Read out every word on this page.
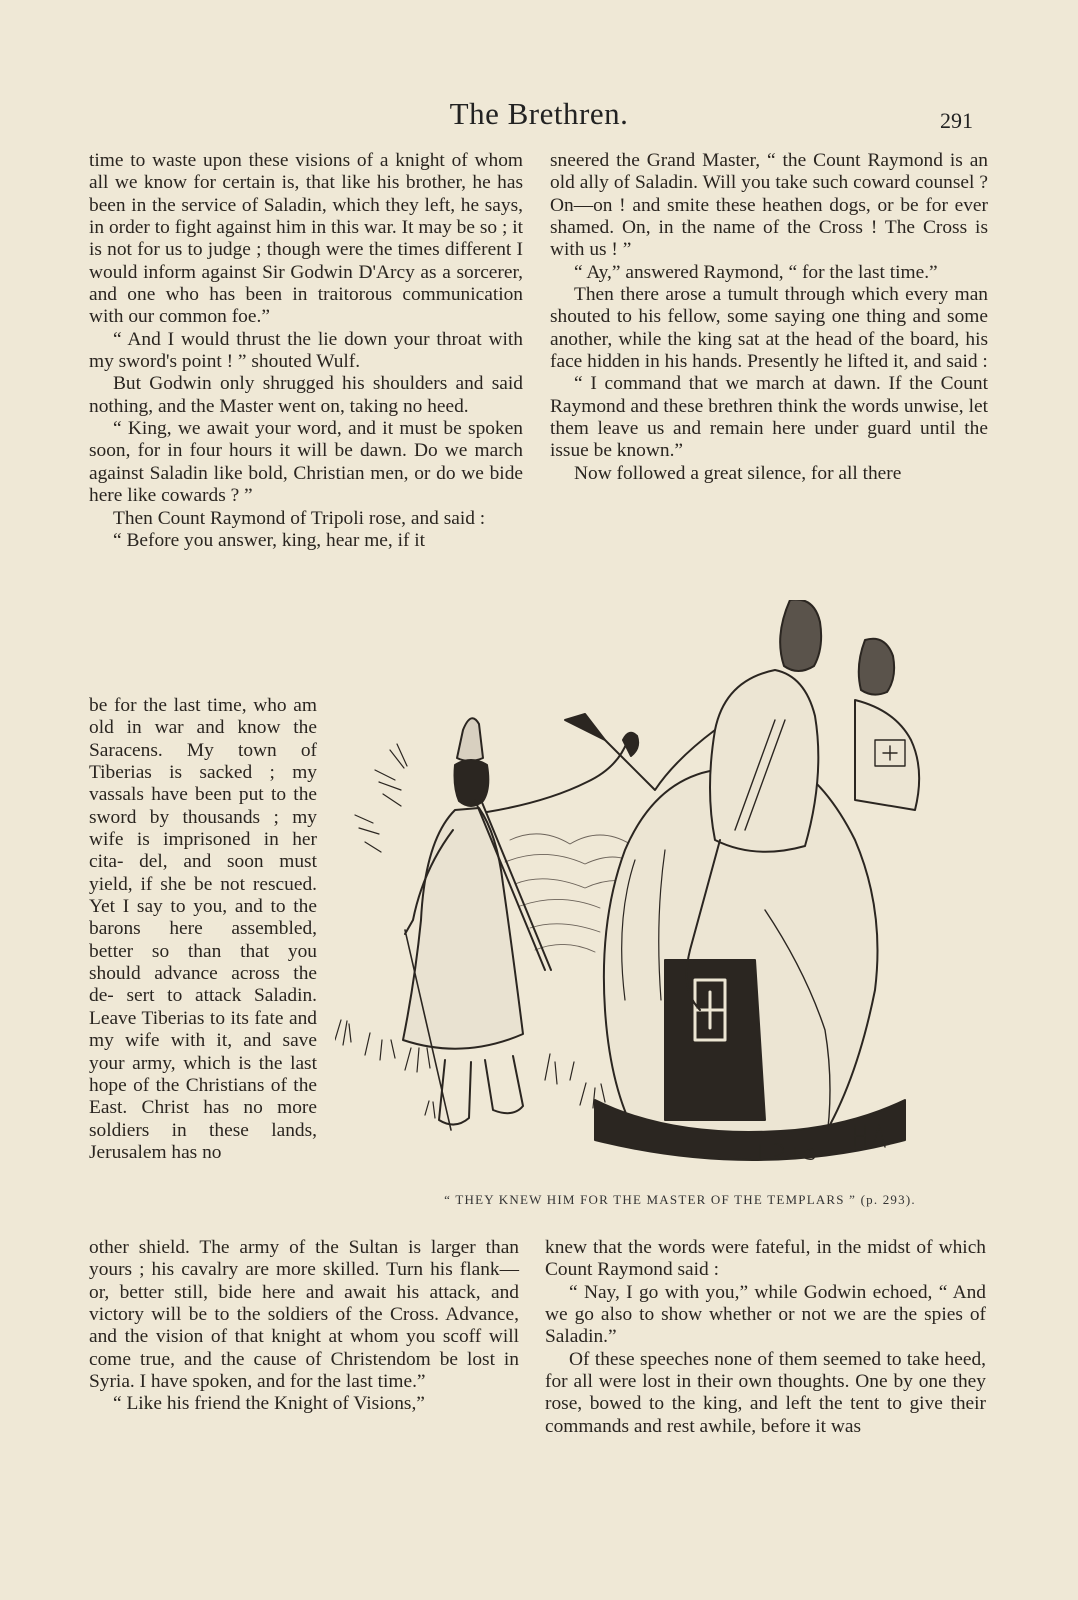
The Brethren.	291

time to waste upon these visions of a knight of whom all we know for certain is, that like his brother, he has been in the service of Saladin, which they left, he says, in order to fight against him in this war. It may be so ; it is not for us to judge ; though were the times different I would inform against Sir Godwin D'Arcy as a sorcerer, and one who has been in traitorous communication with our common foe.”

“ And I would thrust the lie down your throat with my sword's point ! ” shouted Wulf.

But Godwin only shrugged his shoulders and said nothing, and the Master went on, taking no heed.

“ King, we await your word, and it must be spoken soon, for in four hours it will be dawn. Do we march against Saladin like bold, Christian men, or do we bide here like cowards ? ”

Then Count Raymond of Tripoli rose, and said :

“ Before you answer, king, hear me, if it

be for the last time, who am old in war and know the Saracens. My town of Tiberias is sacked ; my vassals have been put to the sword by thousands ; my wife is imprisoned in her cita- del, and soon must yield, if she be not rescued. Yet I say to you, and to the barons here assembled, better so than that you should advance across the de- sert to attack Saladin. Leave Tiberias to its fate and my wife with it, and save your army, which is the last hope of the Christians of the East. Christ has no more soldiers in these lands, Jerusalem has no

other shield. The army of the Sultan is larger than yours ; his cavalry are more skilled. Turn his flank—or, better still, bide here and await his attack, and victory will be to the soldiers of the Cross. Advance, and the vision of that knight at whom you scoff will come true, and the cause of Christendom be lost in Syria. I have spoken, and for the last time.”

“ Like his friend the Knight of Visions,”

sneered the Grand Master, “ the Count Raymond is an old ally of Saladin. Will you take such coward counsel ? On—on ! and smite these heathen dogs, or be for ever shamed. On, in the name of the Cross ! The Cross is with us ! ”

“ Ay,” answered Raymond, “ for the last time.”

Then there arose a tumult through which every man shouted to his fellow, some saying one thing and some another, while the king sat at the head of the board, his face hidden in his hands. Presently he lifted it, and said :

“ I command that we march at dawn. If the Count Raymond and these brethren think the words unwise, let them leave us and remain here under guard until the issue be known.”

Now followed a great silence, for all there

knew that the words were fateful, in the midst of which Count Raymond said :

“ Nay, I go with you,” while Godwin echoed, “ And we go also to show whether or not we are the spies of Saladin.”

Of these speeches none of them seemed to take heed, for all were lost in their own thoughts. One by one they rose, bowed to the king, and left the tent to give their commands and rest awhile, before it was

“ THEY KNEW HIM FOR THE MASTER OF THE TEMPLARS ” (p. 293).
